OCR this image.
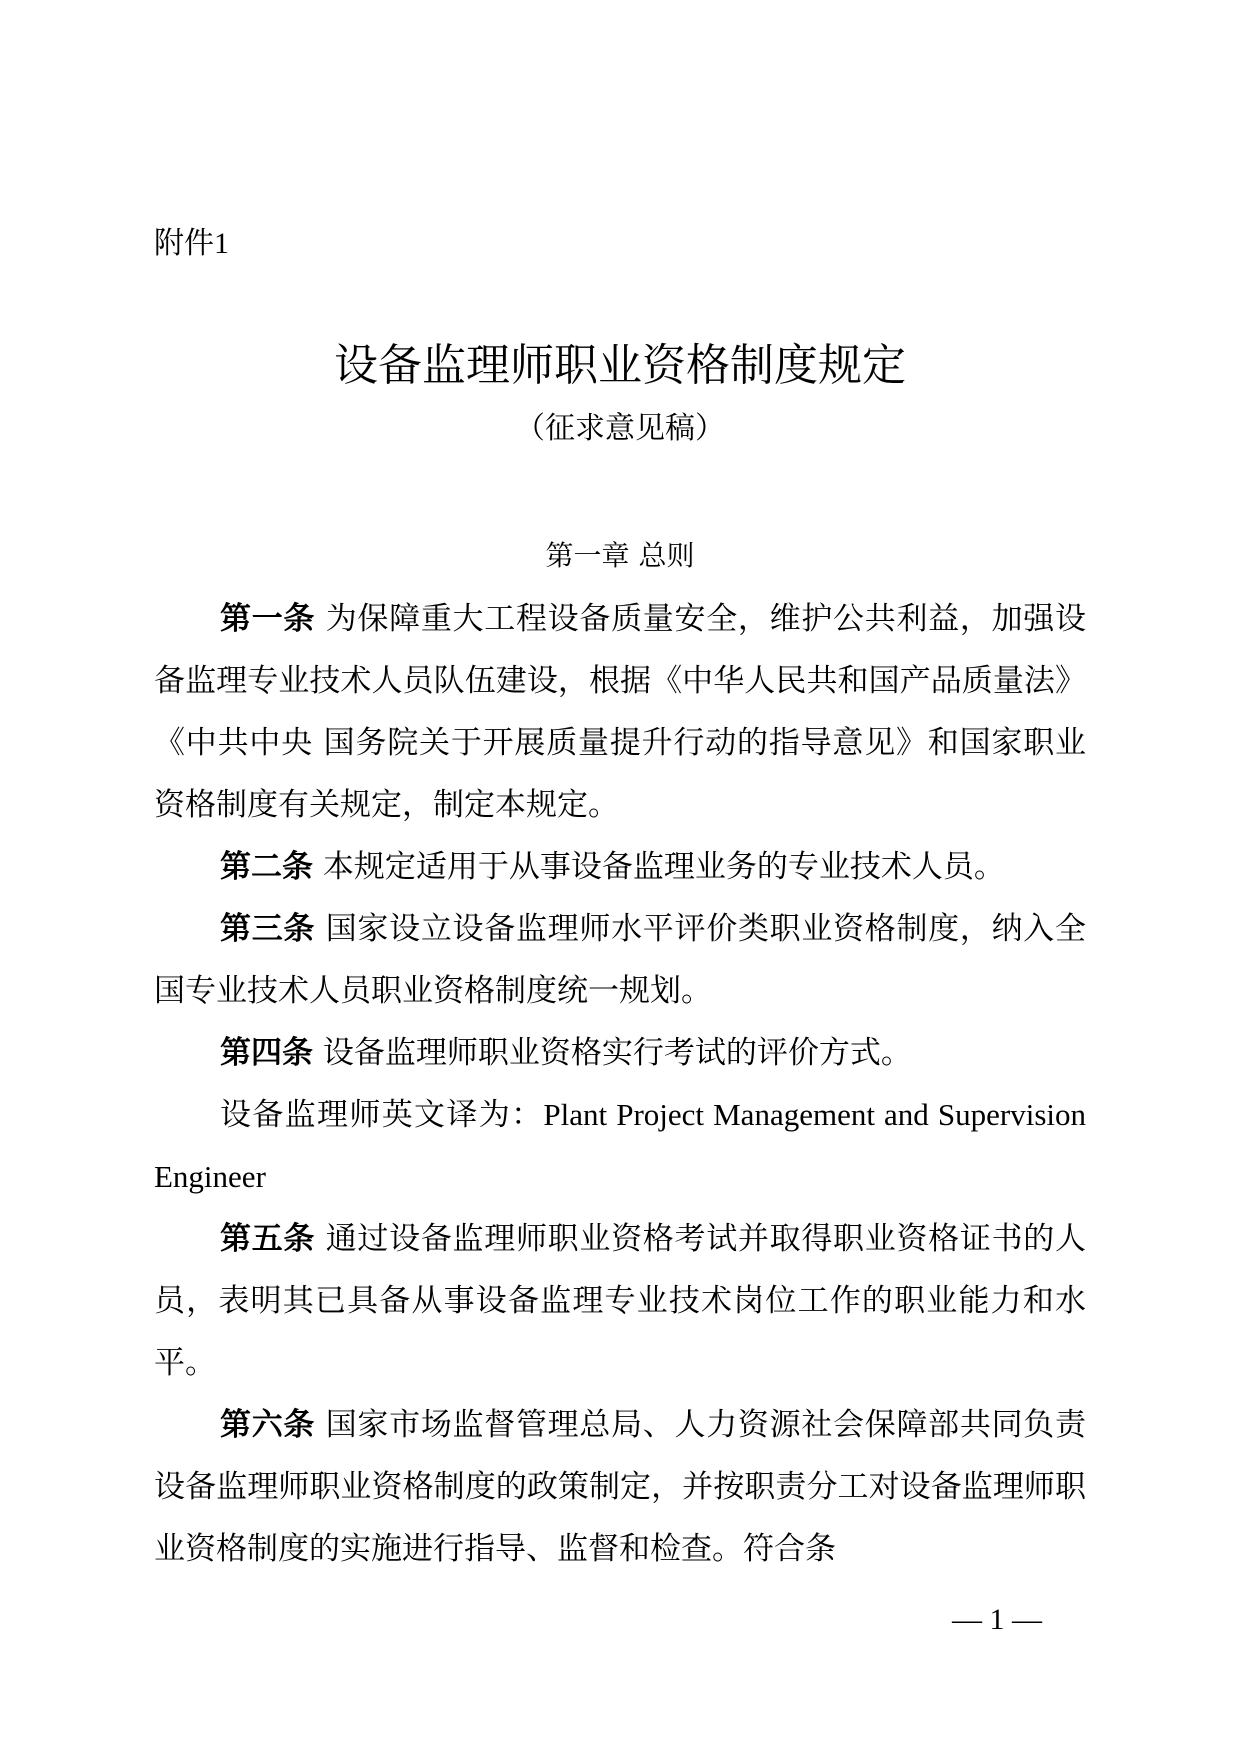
附件1
设备监理师职业资格制度规定
（征求意见稿）
第一章 总则

第一条 为保障重大工程设备质量安全，维护公共利益，加强设备监理专业技术人员队伍建设，根据《中华人民共和国产品质量法》《中共中央 国务院关于开展质量提升行动的指导意见》和国家职业资格制度有关规定，制定本规定。

第二条 本规定适用于从事设备监理业务的专业技术人员。

第三条 国家设立设备监理师水平评价类职业资格制度，纳入全国专业技术人员职业资格制度统一规划。

第四条 设备监理师职业资格实行考试的评价方式。

设备监理师英文译为：Plant Project Management and Supervision Engineer

第五条 通过设备监理师职业资格考试并取得职业资格证书的人员，表明其已具备从事设备监理专业技术岗位工作的职业能力和水平。

第六条 国家市场监督管理总局、人力资源社会保障部共同负责设备监理师职业资格制度的政策制定，并按职责分工对设备监理师职业资格制度的实施进行指导、监督和检查。符合条

— 1 —
